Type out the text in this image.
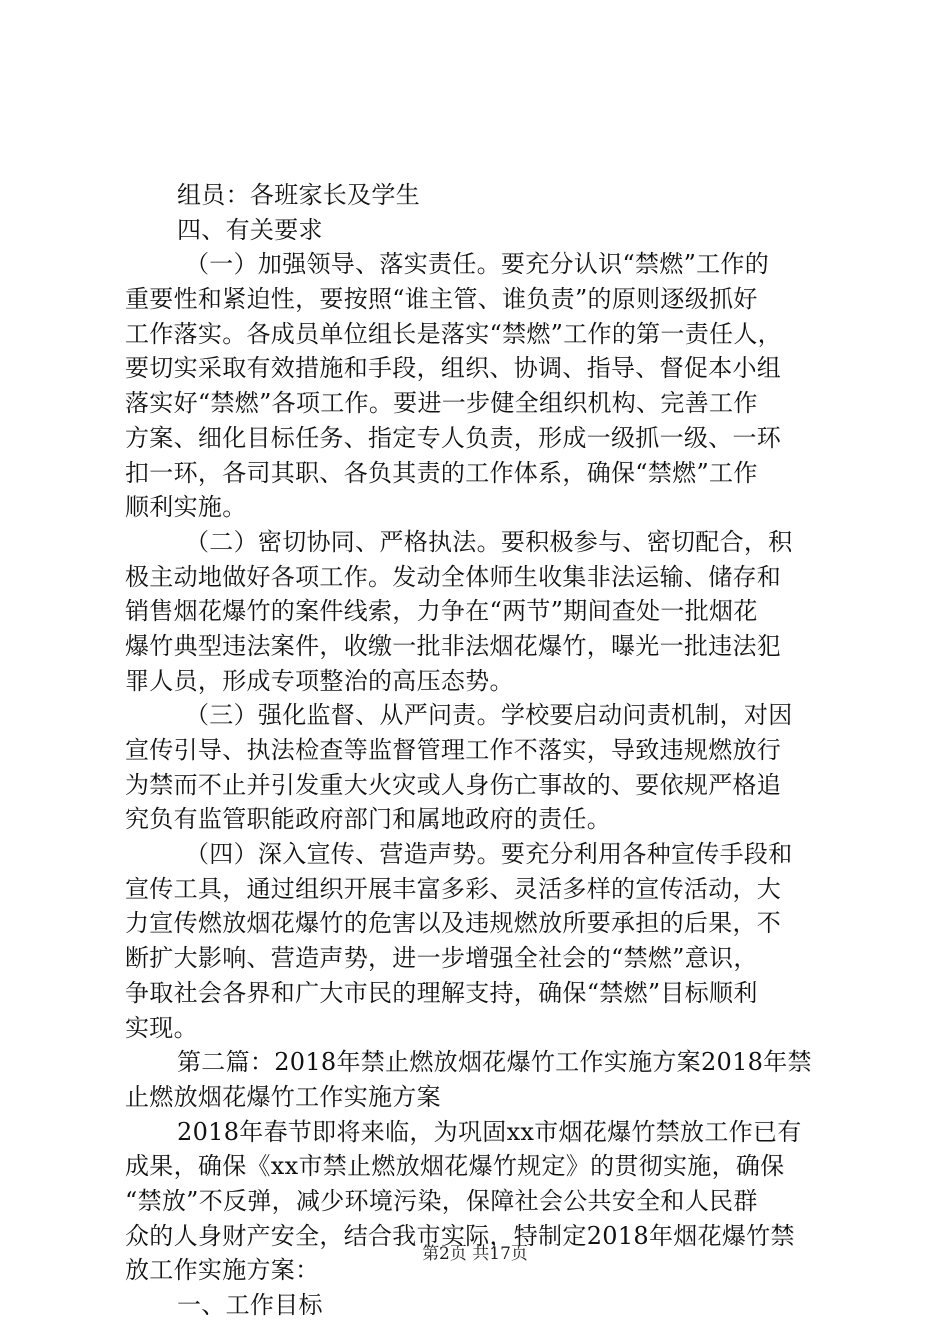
组员：各班家长及学生
四、有关要求
（一）加强领导、落实责任。要充分认识“禁燃”工作的
重要性和紧迫性，要按照“谁主管、谁负责”的原则逐级抓好
工作落实。各成员单位组长是落实“禁燃”工作的第一责任人，
要切实采取有效措施和手段，组织、协调、指导、督促本小组
落实好“禁燃”各项工作。要进一步健全组织机构、完善工作
方案、细化目标任务、指定专人负责，形成一级抓一级、一环
扣一环，各司其职、各负其责的工作体系，确保“禁燃”工作
顺利实施。
（二）密切协同、严格执法。要积极参与、密切配合，积
极主动地做好各项工作。发动全体师生收集非法运输、储存和
销售烟花爆竹的案件线索，力争在“两节”期间查处一批烟花
爆竹典型违法案件，收缴一批非法烟花爆竹，曝光一批违法犯
罪人员，形成专项整治的高压态势。
（三）强化监督、从严问责。学校要启动问责机制，对因
宣传引导、执法检查等监督管理工作不落实，导致违规燃放行
为禁而不止并引发重大火灾或人身伤亡事故的、要依规严格追
究负有监管职能政府部门和属地政府的责任。
（四）深入宣传、营造声势。要充分利用各种宣传手段和
宣传工具，通过组织开展丰富多彩、灵活多样的宣传活动，大
力宣传燃放烟花爆竹的危害以及违规燃放所要承担的后果，不
断扩大影响、营造声势，进一步增强全社会的“禁燃”意识，
争取社会各界和广大市民的理解支持，确保“禁燃”目标顺利
实现。
第二篇：2018年禁止燃放烟花爆竹工作实施方案2018年禁
止燃放烟花爆竹工作实施方案
2018年春节即将来临，为巩固xx市烟花爆竹禁放工作已有
成果，确保《xx市禁止燃放烟花爆竹规定》的贯彻实施，确保
“禁放”不反弹，减少环境污染，保障社会公共安全和人民群
众的人身财产安全，结合我市实际，特制定2018年烟花爆竹禁
放工作实施方案：
一、工作目标
第2页 共17页
